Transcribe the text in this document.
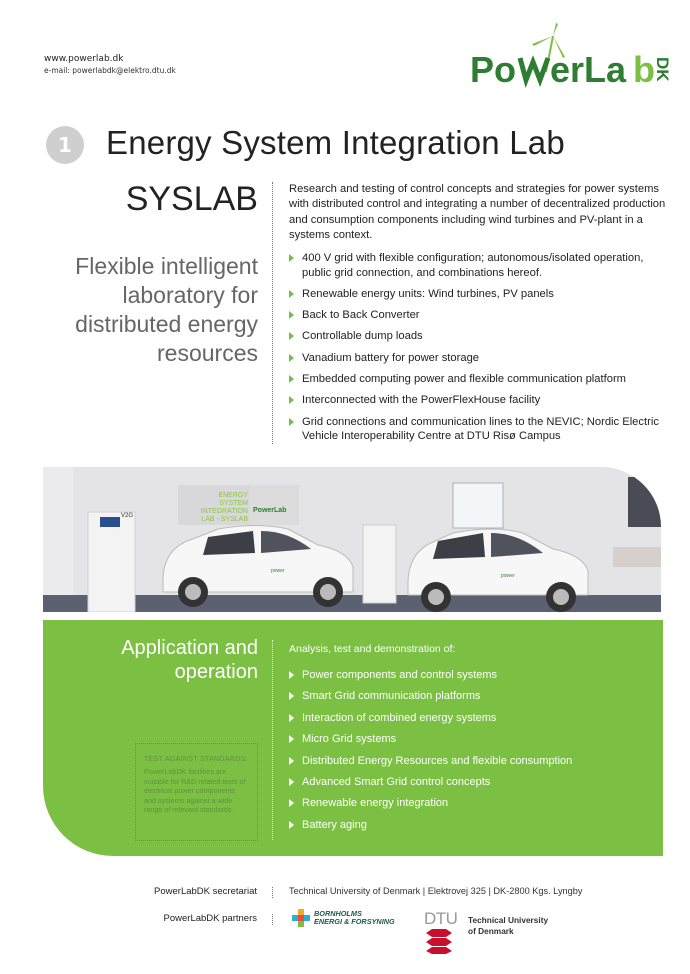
www.powerlab.dk
e-mail: powerlabdk@elektro.dtu.dk	Po erLa b
DK
1	Energy System Integration Lab
SYSLAB
Flexible intelligent laboratory for distributed energy resources
Research and testing of control concepts and strategies for power systems with distributed control and integrating a number of decentralized production and consumption components including wind turbines and PV-plant in a systems context.
400 V grid with flexible configuration; autonomous/isolated operation, public grid connection, and combinations hereof.
Renewable energy units: Wind turbines, PV panels
Back to Back Converter
Controllable dump loads
Vanadium battery for power storage
Embedded computing power and flexible communication platform
Interconnected with the PowerFlexHouse facility
Grid connections and communication lines to the NEVIC; Nordic Electric Vehicle Interoperability Centre at DTU Risø Campus
ENERGY
SYSTEM
INTEGRATION
LAB - SYSLAB
PowerLab
V2G
power
power
Application and
operation
Analysis, test and demonstration of:
Power components and control systems
Smart Grid communication platforms
Interaction of combined energy systems
Micro Grid systems
Distributed Energy Resources and flexible consumption
Advanced Smart Grid control concepts
Renewable energy integration
Battery aging
TEST AGAINST STANDARDS:
PowerLabDK facilities are suitable for R&D related tests of electrical power components and systems against a wide range of relevant standards.
PowerLabDK secretariat	Technical University of Denmark | Elektrovej 325 | DK-2800 Kgs. Lyngby
PowerLabDK partners	BORNHOLMS
ENERGI & FORSYNING DTU Technical University
of Denmark
